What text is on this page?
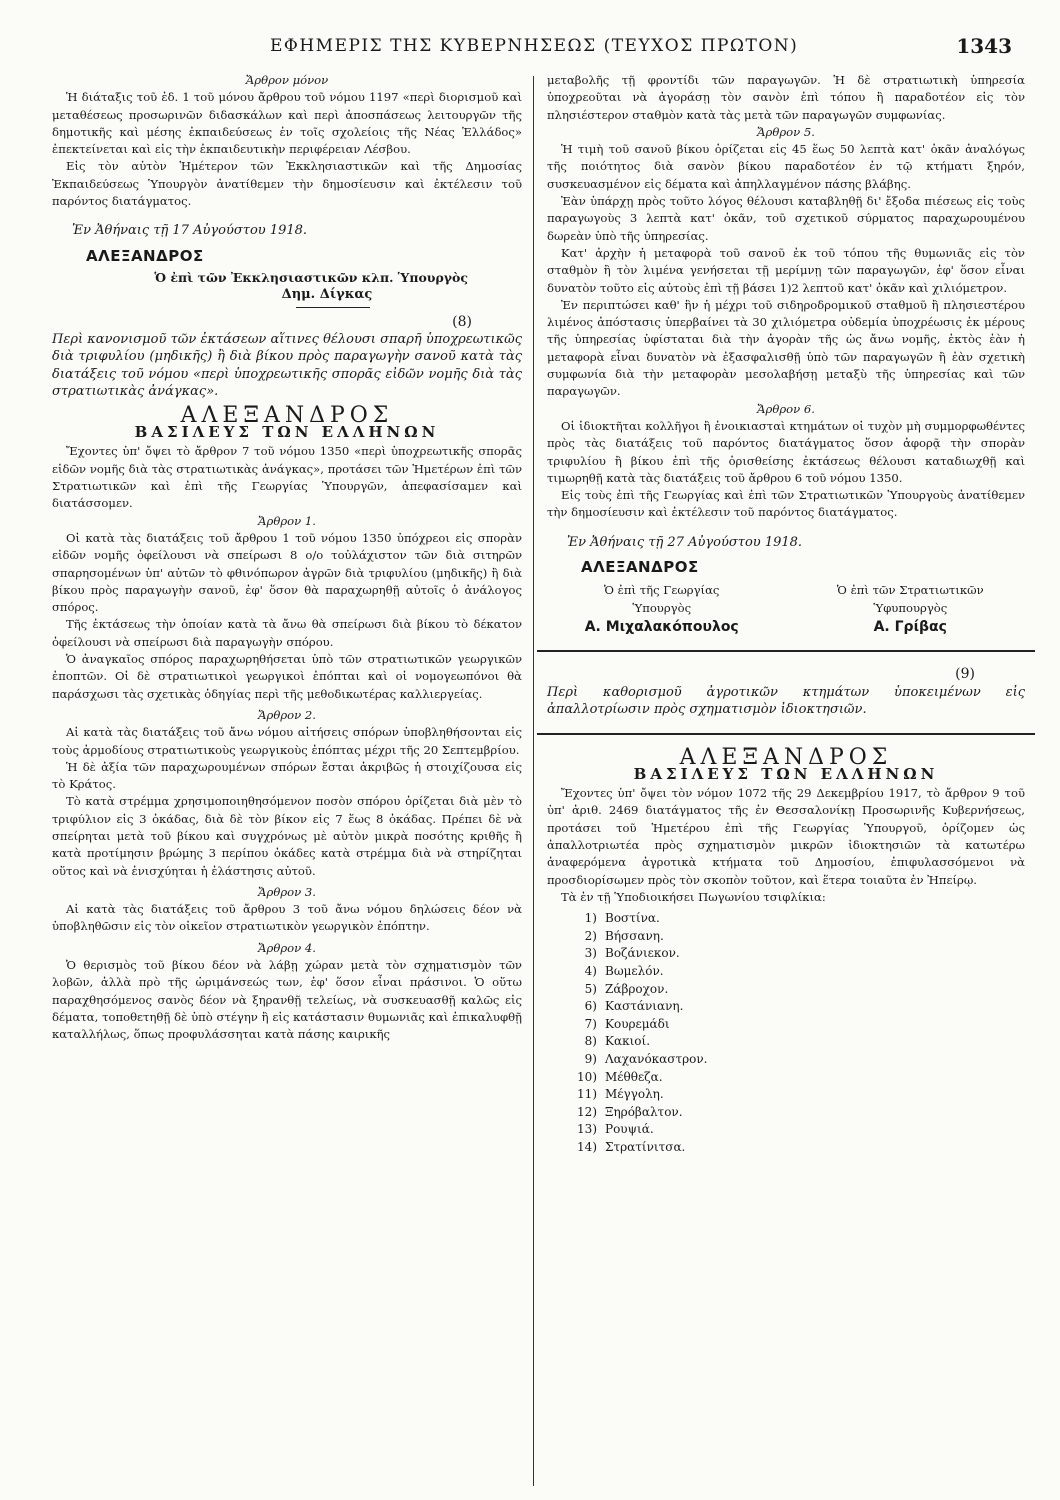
ΕΦΗΜΕΡΙΣ ΤΗΣ ΚΥΒΕΡΝΗΣΕΩΣ (ΤΕΥΧΟΣ ΠΡΩΤΟΝ)	1343

Ἄρθρον μόνον

Ἡ διάταξις τοῦ ἐδ. 1 τοῦ μόνου ἄρθρου τοῦ νόμου 1197 «περὶ διορισμοῦ καὶ μεταθέσεως προσωρινῶν διδασκάλων καὶ περὶ ἀποσπάσεως λειτουργῶν τῆς δημοτικῆς καὶ μέσης ἐκπαιδεύσεως ἐν τοῖς σχολείοις τῆς Νέας Ἑλλάδος» ἐπεκτείνεται καὶ εἰς τὴν ἐκπαιδευτικὴν περιφέρειαν Λέσβου.

Εἰς τὸν αὐτὸν Ἡμέτερον τῶν Ἐκκλησιαστικῶν καὶ τῆς Δημοσίας Ἐκπαιδεύσεως Ὑπουργὸν ἀνατίθεμεν τὴν δημοσίευσιν καὶ ἐκτέλεσιν τοῦ παρόντος διατάγματος.

Ἐν Ἀθήναις τῇ 17 Αὐγούστου 1918.

ΑΛΕΞΑΝΔΡΟΣ

Ὁ ἐπὶ τῶν Ἐκκλησιαστικῶν κλπ. Ὑπουργὸς

Δημ. Δίγκας

(8)

Περὶ κανονισμοῦ τῶν ἐκτάσεων αἵτινες θέλουσι σπαρῆ ὑποχρεωτικῶς διὰ τριφυλίου (μηδικῆς) ἢ διὰ βίκου πρὸς παραγωγὴν σανοῦ κατὰ τὰς διατάξεις τοῦ νόμου «περὶ ὑποχρεωτικῆς σπορᾶς εἰδῶν νομῆς διὰ τὰς στρατιωτικὰς ἀνάγκας».

ΑΛΕΞΑΝΔΡΟΣ

ΒΑΣΙΛΕΥΣ ΤΩΝ ΕΛΛΗΝΩΝ

Ἔχοντες ὑπ' ὄψει τὸ ἄρθρον 7 τοῦ νόμου 1350 «περὶ ὑποχρεωτικῆς σπορᾶς εἰδῶν νομῆς διὰ τὰς στρατιωτικὰς ἀνάγκας», προτάσει τῶν Ἡμετέρων ἐπὶ τῶν Στρατιωτικῶν καὶ ἐπὶ τῆς Γεωργίας Ὑπουργῶν, ἀπεφασίσαμεν καὶ διατάσσομεν.

Ἄρθρον 1.

Οἱ κατὰ τὰς διατάξεις τοῦ ἄρθρου 1 τοῦ νόμου 1350 ὑπόχρεοι εἰς σπορὰν εἰδῶν νομῆς ὀφείλουσι νὰ σπείρωσι 8 ο/ο τοὐλάχιστον τῶν διὰ σιτηρῶν σπαρησομένων ὑπ' αὐτῶν τὸ φθινόπωρον ἀγρῶν διὰ τριφυλίου (μηδικῆς) ἢ διὰ βίκου πρὸς παραγωγὴν σανοῦ, ἐφ' ὅσον θὰ παραχωρηθῇ αὐτοῖς ὁ ἀνάλογος σπόρος.

Τῆς ἐκτάσεως τὴν ὁποίαν κατὰ τὰ ἄνω θὰ σπείρωσι διὰ βίκου τὸ δέκατον ὀφείλουσι νὰ σπείρωσι διὰ παραγωγὴν σπόρου.

Ὁ ἀναγκαῖος σπόρος παραχωρηθήσεται ὑπὸ τῶν στρατιωτικῶν γεωργικῶν ἐποπτῶν. Οἱ δὲ στρατιωτικοὶ γεωργικοὶ ἐπόπται καὶ οἱ νομογεωπόνοι θὰ παράσχωσι τὰς σχετικὰς ὁδηγίας περὶ τῆς μεθοδικωτέρας καλλιεργείας.

Ἄρθρον 2.

Αἱ κατὰ τὰς διατάξεις τοῦ ἄνω νόμου αἰτήσεις σπόρων ὑποβληθήσονται εἰς τοὺς ἁρμοδίους στρατιωτικοὺς γεωργικοὺς ἐπόπτας μέχρι τῆς 20 Σεπτεμβρίου.

Ἡ δὲ ἀξία τῶν παραχωρουμένων σπόρων ἔσται ἀκριβῶς ἡ στοιχίζουσα εἰς τὸ Κράτος.

Τὸ κατὰ στρέμμα χρησιμοποιηθησόμενον ποσὸν σπόρου ὁρίζεται διὰ μὲν τὸ τριφύλιον εἰς 3 ὀκάδας, διὰ δὲ τὸν βίκον εἰς 7 ἕως 8 ὀκάδας. Πρέπει δὲ νὰ σπείρηται μετὰ τοῦ βίκου καὶ συγχρόνως μὲ αὐτὸν μικρὰ ποσότης κριθῆς ἢ κατὰ προτίμησιν βρώμης 3 περίπου ὀκάδες κατὰ στρέμμα διὰ νὰ στηρίζηται οὕτος καὶ νὰ ἐνισχύηται ἡ ἐλάστησις αὐτοῦ.

Ἄρθρον 3.

Αἱ κατὰ τὰς διατάξεις τοῦ ἄρθρου 3 τοῦ ἄνω νόμου δηλώσεις δέον νὰ ὑποβληθῶσιν εἰς τὸν οἰκεῖον στρατιωτικὸν γεωργικὸν ἐπόπτην.

Ἄρθρον 4.

Ὁ θερισμὸς τοῦ βίκου δέον νὰ λάβῃ χώραν μετὰ τὸν σχηματισμὸν τῶν λοβῶν, ἀλλὰ πρὸ τῆς ὡριμάνσεώς των, ἐφ' ὅσον εἶναι πράσινοι. Ὁ οὕτω παραχθησόμενος σανὸς δέον νὰ ξηρανθῇ τελείως, νὰ συσκευασθῇ καλῶς εἰς δέματα, τοποθετηθῇ δὲ ὑπὸ στέγην ἢ εἰς κατάστασιν θυμωνιᾶς καὶ ἐπικαλυφθῇ καταλλήλως, ὅπως προφυλάσσηται κατὰ πάσης καιρικῆς

μεταβολῆς τῇ φροντίδι τῶν παραγωγῶν. Ἡ δὲ στρατιωτικὴ ὑπηρεσία ὑποχρεοῦται νὰ ἀγοράσῃ τὸν σανὸν ἐπὶ τόπου ἢ παραδοτέον εἰς τὸν πλησιέστερον σταθμὸν κατὰ τὰς μετὰ τῶν παραγωγῶν συμφωνίας.

Ἄρθρον 5.

Ἡ τιμὴ τοῦ σανοῦ βίκου ὁρίζεται εἰς 45 ἕως 50 λεπτὰ κατ' ὀκᾶν ἀναλόγως τῆς ποιότητος διὰ σανὸν βίκου παραδοτέον ἐν τῷ κτήματι ξηρόν, συσκευασμένον εἰς δέματα καὶ ἀπηλλαγμένον πάσης βλάβης.

Ἐὰν ὑπάρχῃ πρὸς τοῦτο λόγος θέλουσι καταβληθῇ δι' ἔξοδα πιέσεως εἰς τοὺς παραγωγοὺς 3 λεπτὰ κατ' ὀκᾶν, τοῦ σχετικοῦ σύρματος παραχωρουμένου δωρεὰν ὑπὸ τῆς ὑπηρεσίας.

Κατ' ἀρχὴν ἡ μεταφορὰ τοῦ σανοῦ ἐκ τοῦ τόπου τῆς θυμωνιᾶς εἰς τὸν σταθμὸν ἢ τὸν λιμένα γενήσεται τῇ μερίμνῃ τῶν παραγωγῶν, ἐφ' ὅσον εἶναι δυνατὸν τοῦτο εἰς αὐτοὺς ἐπὶ τῇ βάσει 1)2 λεπτοῦ κατ' ὀκᾶν καὶ χιλιόμετρον.

Ἐν περιπτώσει καθ' ἣν ἡ μέχρι τοῦ σιδηροδρομικοῦ σταθμοῦ ἢ πλησιεστέρου λιμένος ἀπόστασις ὑπερβαίνει τὰ 30 χιλιόμετρα οὐδεμία ὑποχρέωσις ἐκ μέρους τῆς ὑπηρεσίας ὑφίσταται διὰ τὴν ἀγορὰν τῆς ὡς ἄνω νομῆς, ἐκτὸς ἐὰν ἡ μεταφορὰ εἶναι δυνατὸν νὰ ἐξασφαλισθῇ ὑπὸ τῶν παραγωγῶν ἢ ἐὰν σχετικὴ συμφωνία διὰ τὴν μεταφορὰν μεσολαβήσῃ μεταξὺ τῆς ὑπηρεσίας καὶ τῶν παραγωγῶν.

Ἄρθρον 6.

Οἱ ἰδιοκτῆται κολλῆγοι ἢ ἐνοικιασταὶ κτημάτων οἱ τυχὸν μὴ συμμορφωθέντες πρὸς τὰς διατάξεις τοῦ παρόντος διατάγματος ὅσον ἀφορᾷ τὴν σπορὰν τριφυλίου ἢ βίκου ἐπὶ τῆς ὁρισθείσης ἐκτάσεως θέλουσι καταδιωχθῇ καὶ τιμωρηθῇ κατὰ τὰς διατάξεις τοῦ ἄρθρου 6 τοῦ νόμου 1350.

Εἰς τοὺς ἐπὶ τῆς Γεωργίας καὶ ἐπὶ τῶν Στρατιωτικῶν Ὑπουργοὺς ἀνατίθεμεν τὴν δημοσίευσιν καὶ ἐκτέλεσιν τοῦ παρόντος διατάγματος.

Ἐν Ἀθήναις τῇ 27 Αὐγούστου 1918.

ΑΛΕΞΑΝΔΡΟΣ

Ὁ ἐπὶ τῆς Γεωργίας
Ὑπουργὸς
Α. Μιχαλακόπουλος
Ὁ ἐπὶ τῶν Στρατιωτικῶν
Ὑφυπουργὸς
Α. Γρίβας

(9)

Περὶ καθορισμοῦ ἀγροτικῶν κτημάτων ὑποκειμένων εἰς ἀπαλλοτρίωσιν πρὸς σχηματισμὸν ἰδιοκτησιῶν.

ΑΛΕΞΑΝΔΡΟΣ

ΒΑΣΙΛΕΥΣ ΤΩΝ ΕΛΛΗΝΩΝ

Ἔχοντες ὑπ' ὄψει τὸν νόμον 1072 τῆς 29 Δεκεμβρίου 1917, τὸ ἄρθρον 9 τοῦ ὑπ' ἀριθ. 2469 διατάγματος τῆς ἐν Θεσσαλονίκῃ Προσωρινῆς Κυβερνήσεως, προτάσει τοῦ Ἡμετέρου ἐπὶ τῆς Γεωργίας Ὑπουργοῦ, ὁρίζομεν ὡς ἀπαλλοτριωτέα πρὸς σχηματισμὸν μικρῶν ἰδιοκτησιῶν τὰ κατωτέρω ἀναφερόμενα ἀγροτικὰ κτήματα τοῦ Δημοσίου, ἐπιφυλασσόμενοι νὰ προσδιορίσωμεν πρὸς τὸν σκοπὸν τοῦτον, καὶ ἕτερα τοιαῦτα ἐν Ἠπείρῳ.

Τὰ ἐν τῇ Ὑποδιοικήσει Πωγωνίου τσιφλίκια:

1) Βοστίνα.
2) Βήσσανη.
3) Βοζάνιεκον.
4) Βωμελόν.
5) Ζάβροχον.
6) Καστάνιανη.
7) Κουρεμάδι
8) Κακιοί.
9) Λαχανόκαστρον.
10) Μέθθεζα.
11) Μέγγολη.
12) Ξηρόβαλτον.
13) Ρουψιά.
14) Στρατίνιτσα.
